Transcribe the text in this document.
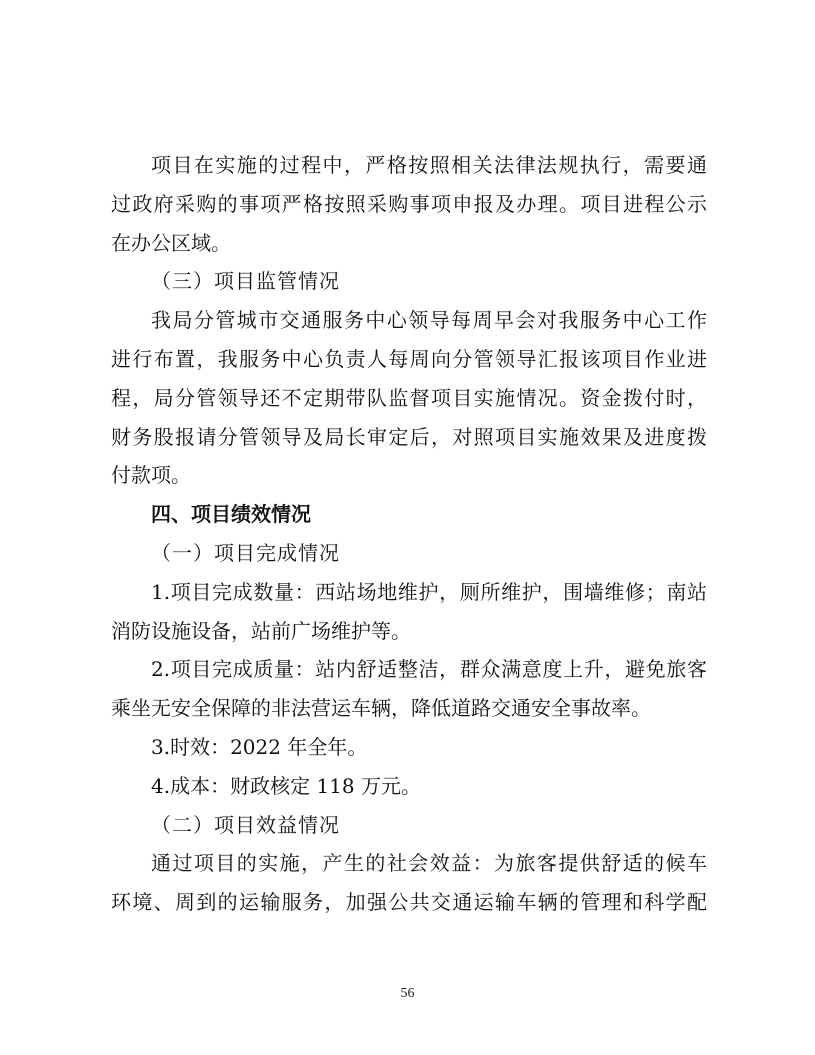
项目在实施的过程中，严格按照相关法律法规执行，需要通
过政府采购的事项严格按照采购事项申报及办理。项目进程公示
在办公区域。
（三）项目监管情况
我局分管城市交通服务中心领导每周早会对我服务中心工作
进行布置，我服务中心负责人每周向分管领导汇报该项目作业进
程，局分管领导还不定期带队监督项目实施情况。资金拨付时，
财务股报请分管领导及局长审定后，对照项目实施效果及进度拨
付款项。
四、项目绩效情况
（一）项目完成情况
1.项目完成数量：西站场地维护，厕所维护，围墙维修；南站
消防设施设备，站前广场维护等。
2.项目完成质量：站内舒适整洁，群众满意度上升，避免旅客
乘坐无安全保障的非法营运车辆，降低道路交通安全事故率。
3.时效：2022 年全年。
4.成本：财政核定 118 万元。
（二）项目效益情况
通过项目的实施，产生的社会效益：为旅客提供舒适的候车
环境、周到的运输服务，加强公共交通运输车辆的管理和科学配
56
